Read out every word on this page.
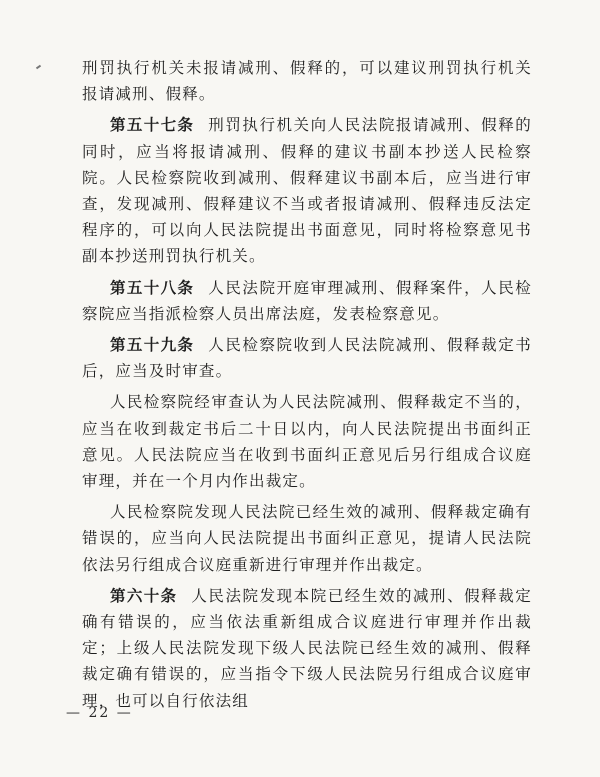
刑罚执行机关未报请减刑、假释的，可以建议刑罚执行机关报请减刑、假释。

第五十七条 刑罚执行机关向人民法院报请减刑、假释的同时，应当将报请减刑、假释的建议书副本抄送人民检察院。人民检察院收到减刑、假释建议书副本后，应当进行审查，发现减刑、假释建议不当或者报请减刑、假释违反法定程序的，可以向人民法院提出书面意见，同时将检察意见书副本抄送刑罚执行机关。

第五十八条 人民法院开庭审理减刑、假释案件，人民检察院应当指派检察人员出席法庭，发表检察意见。

第五十九条 人民检察院收到人民法院减刑、假释裁定书后，应当及时审查。

人民检察院经审查认为人民法院减刑、假释裁定不当的，应当在收到裁定书后二十日以内，向人民法院提出书面纠正意见。人民法院应当在收到书面纠正意见后另行组成合议庭审理，并在一个月内作出裁定。

人民检察院发现人民法院已经生效的减刑、假释裁定确有错误的，应当向人民法院提出书面纠正意见，提请人民法院依法另行组成合议庭重新进行审理并作出裁定。

第六十条 人民法院发现本院已经生效的减刑、假释裁定确有错误的，应当依法重新组成合议庭进行审理并作出裁定；上级人民法院发现下级人民法院已经生效的减刑、假释裁定确有错误的，应当指令下级人民法院另行组成合议庭审理，也可以自行依法组

— 22 —
